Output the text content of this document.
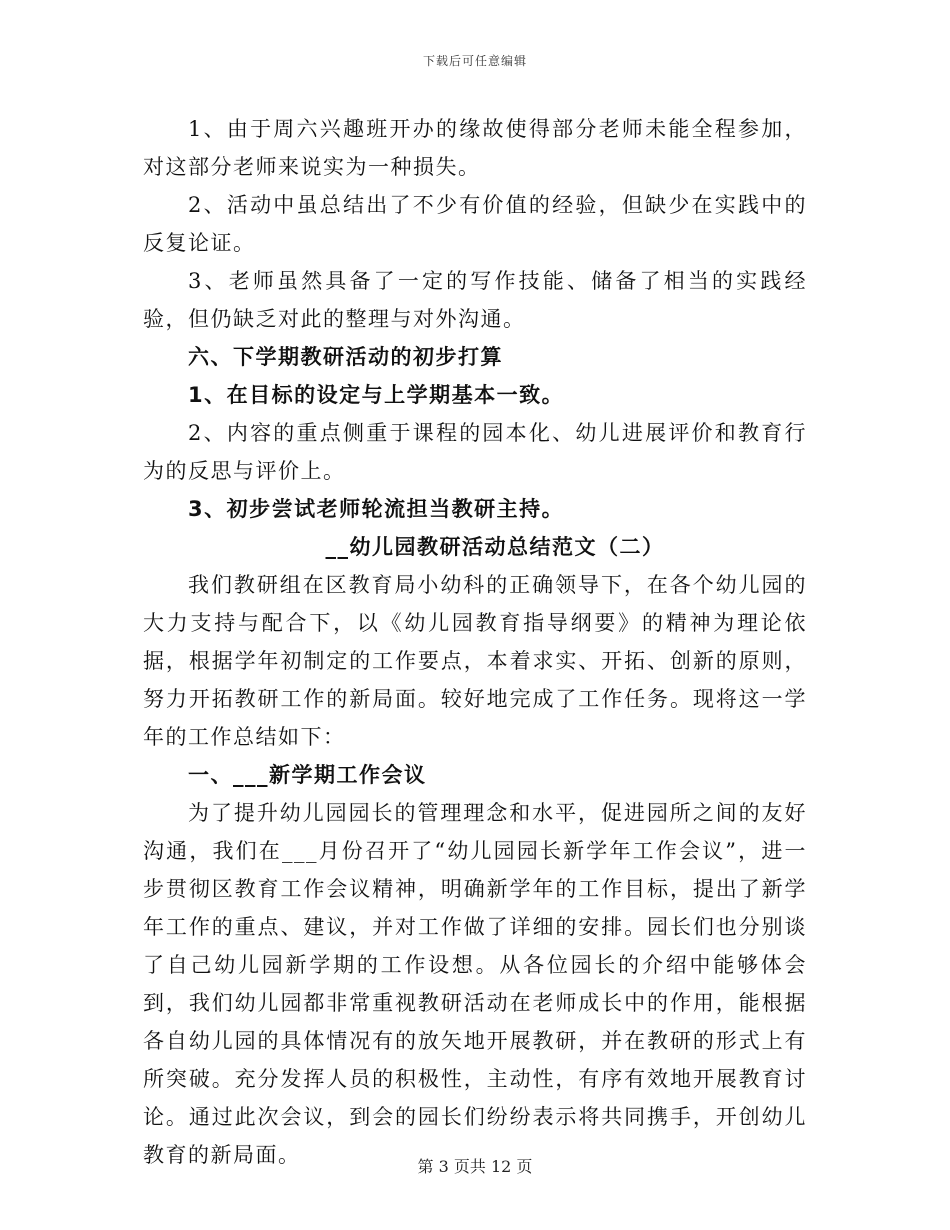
下载后可任意编辑

1、由于周六兴趣班开办的缘故使得部分老师未能全程参加，对这部分老师来说实为一种损失。

2、活动中虽总结出了不少有价值的经验，但缺少在实践中的反复论证。

3、老师虽然具备了一定的写作技能、储备了相当的实践经验，但仍缺乏对此的整理与对外沟通。

六、下学期教研活动的初步打算

1、在目标的设定与上学期基本一致。

2、内容的重点侧重于课程的园本化、幼儿进展评价和教育行为的反思与评价上。

3、初步尝试老师轮流担当教研主持。

__幼儿园教研活动总结范文（二）

我们教研组在区教育局小幼科的正确领导下，在各个幼儿园的大力支持与配合下，以《幼儿园教育指导纲要》的精神为理论依据，根据学年初制定的工作要点，本着求实、开拓、创新的原则，努力开拓教研工作的新局面。较好地完成了工作任务。现将这一学年的工作总结如下：

一、___新学期工作会议

为了提升幼儿园园长的管理理念和水平，促进园所之间的友好沟通，我们在___月份召开了“幼儿园园长新学年工作会议”，进一步贯彻区教育工作会议精神，明确新学年的工作目标，提出了新学年工作的重点、建议，并对工作做了详细的安排。园长们也分别谈了自己幼儿园新学期的工作设想。从各位园长的介绍中能够体会到，我们幼儿园都非常重视教研活动在老师成长中的作用，能根据各自幼儿园的具体情况有的放矢地开展教研，并在教研的形式上有所突破。充分发挥人员的积极性，主动性，有序有效地开展教育讨论。通过此次会议，到会的园长们纷纷表示将共同携手，开创幼儿教育的新局面。	第 3 页共 12 页
